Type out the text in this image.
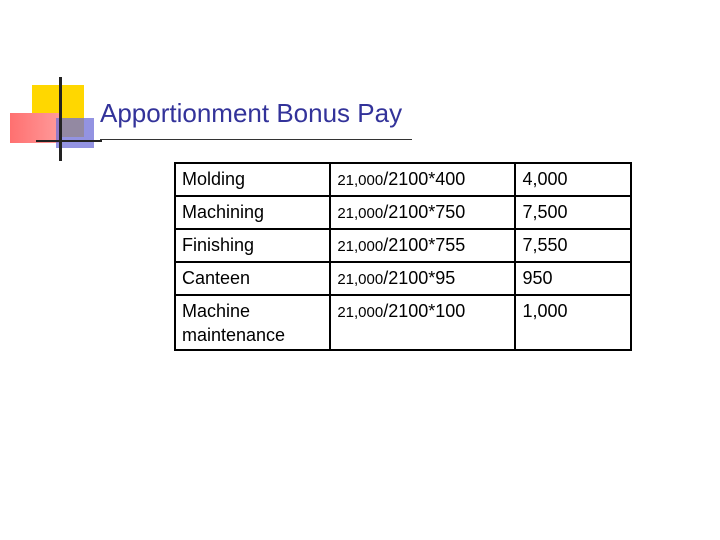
Apportionment Bonus Pay
Molding	21,000/2100*400	4,000
Machining	21,000/2100*750	7,500
Finishing	21,000/2100*755	7,550
Canteen	21,000/2100*95	950
Machine maintenance	21,000/2100*100	1,000
